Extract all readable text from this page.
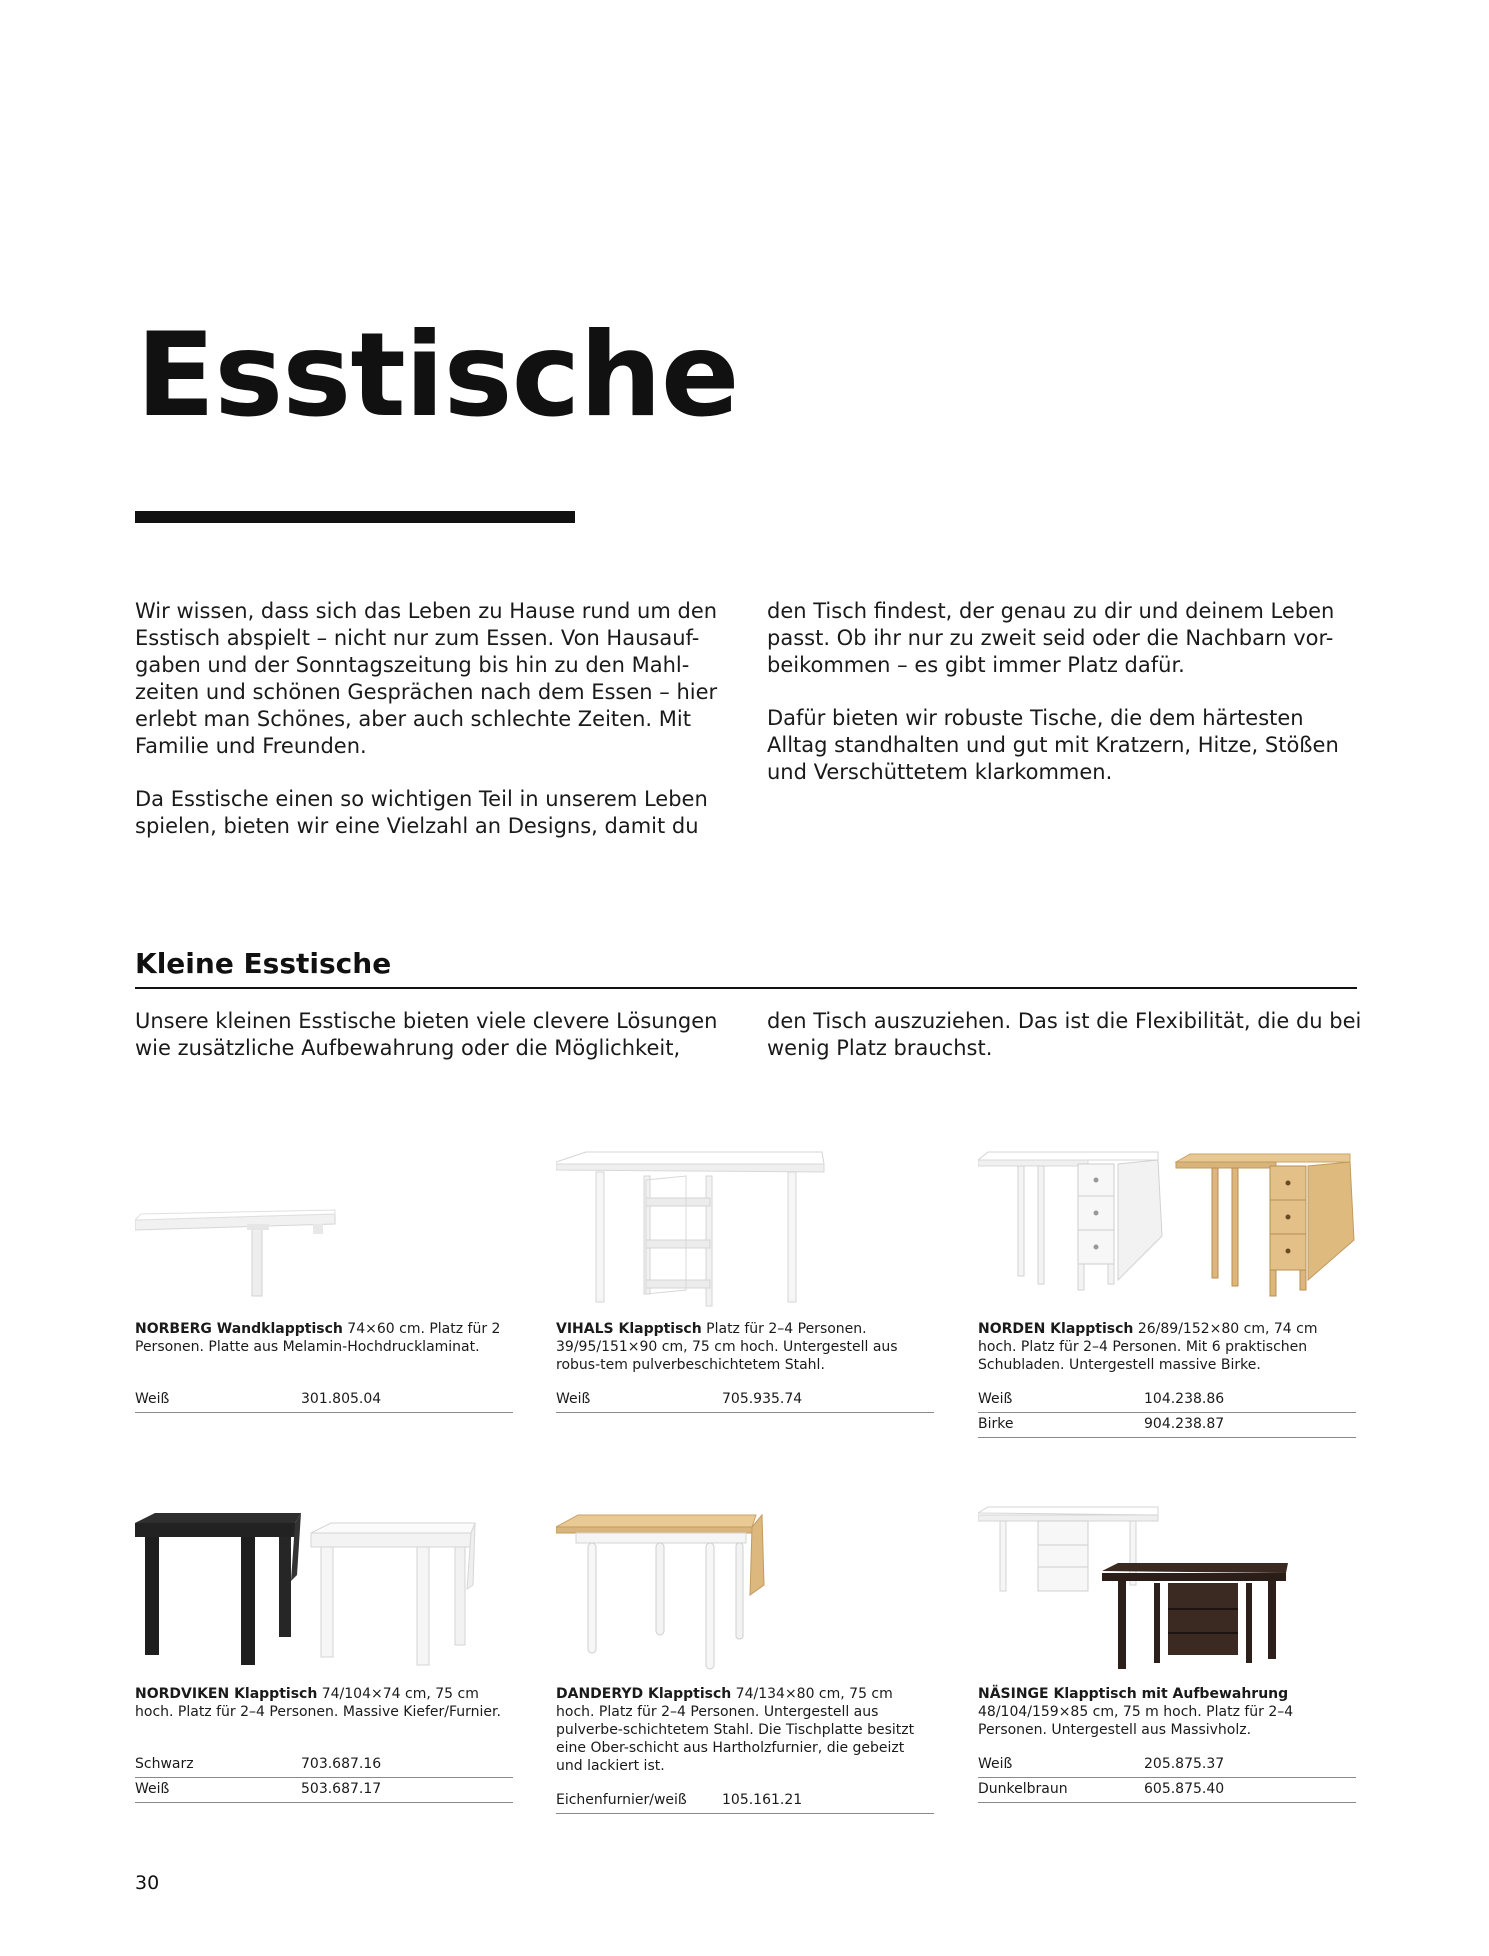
Esstische

Wir wissen, dass sich das Leben zu Hause rund um den Esstisch abspielt – nicht nur zum Essen. Von Hausauf-gaben und der Sonntagszeitung bis hin zu den Mahl-zeiten und schönen Gesprächen nach dem Essen – hier erlebt man Schönes, aber auch schlechte Zeiten. Mit Familie und Freunden.

Da Esstische einen so wichtigen Teil in unserem Leben spielen, bieten wir eine Vielzahl an Designs, damit du

den Tisch findest, der genau zu dir und deinem Leben passt. Ob ihr nur zu zweit seid oder die Nachbarn vor-beikommen – es gibt immer Platz dafür.

Dafür bieten wir robuste Tische, die dem härtesten Alltag standhalten und gut mit Kratzern, Hitze, Stößen und Verschüttetem klarkommen.

Kleine Esstische

Unsere kleinen Esstische bieten viele clevere Lösungen wie zusätzliche Aufbewahrung oder die Möglichkeit,

den Tisch auszuziehen. Das ist die Flexibilität, die du bei wenig Platz brauchst.

NORBERG Wandklapptisch 74×60 cm. Platz für 2 Personen. Platte aus Melamin-Hochdrucklaminat.
Weiß	301.805.04
VIHALS Klapptisch Platz für 2–4 Personen. 39/95/151×90 cm, 75 cm hoch. Untergestell aus robus-tem pulverbeschichtetem Stahl.
Weiß	705.935.74
NORDEN Klapptisch 26/89/152×80 cm, 74 cm hoch. Platz für 2–4 Personen. Mit 6 praktischen Schubladen. Untergestell massive Birke.
Weiß	104.238.86
Birke	904.238.87
NORDVIKEN Klapptisch 74/104×74 cm, 75 cm hoch. Platz für 2–4 Personen. Massive Kiefer/Furnier.
Schwarz	703.687.16
Weiß	503.687.17
DANDERYD Klapptisch 74/134×80 cm, 75 cm hoch. Platz für 2–4 Personen. Untergestell aus pulverbe-schichtetem Stahl. Die Tischplatte besitzt eine Ober-schicht aus Hartholzfurnier, die gebeizt und lackiert ist.
Eichenfurnier/weiß	105.161.21
NÄSINGE Klapptisch mit Aufbewahrung
48/104/159×85 cm, 75 m hoch. Platz für 2–4 Personen. Untergestell aus Massivholz.
Weiß	205.875.37
Dunkelbraun	605.875.40
30
